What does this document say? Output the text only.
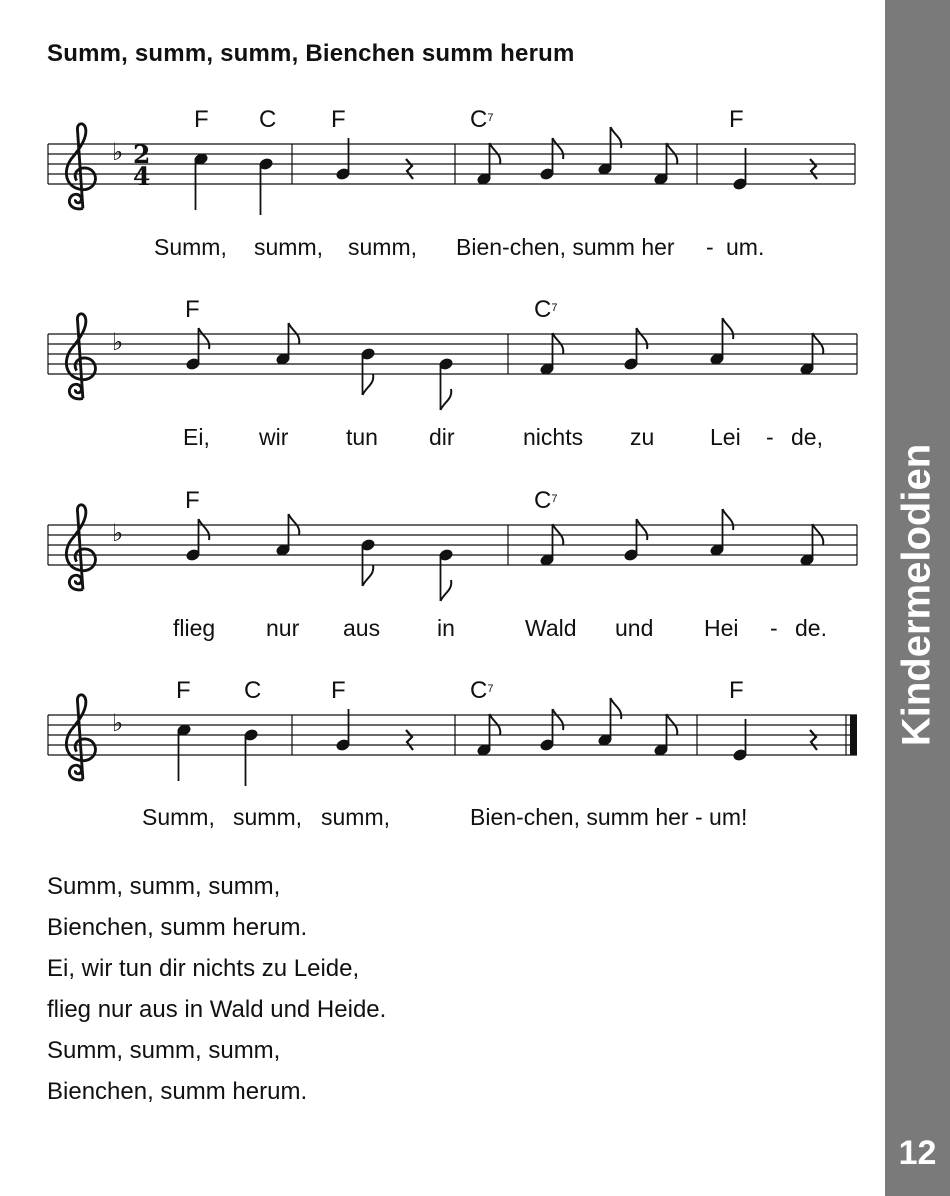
Summ, summ, summ, Bienchen summ herum
F C F	$C^7$	F
♭ 2
4
Summ, summ, summ, Bien-chen, summ her - um.
F	$C^7$
♭
Ei, wir	tun dir	nichts zu Lei - de,
F	$C^7$
♭
flieg nur aus in	Wald und Hei - de.
F C	F	$C^7$	F
♭
Summ, summ, summ,	Bien-chen, summ her - um!
Summ, summ, summ,
Bienchen, summ herum.
Ei, wir tun dir nichts zu Leide,
flieg nur aus in Wald und Heide.
Summ, summ, summ,
Bienchen, summ herum.
Kindermelodien
12
